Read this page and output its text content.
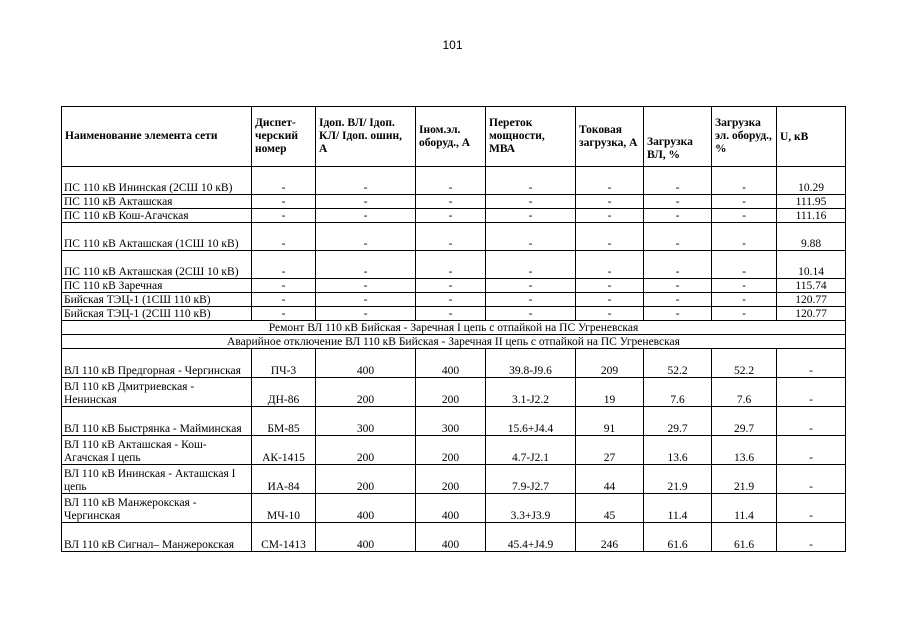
101
Наименование элемента сети	Диспет-черский номер	Iдоп. ВЛ/ Iдоп. КЛ/ Iдоп. ошин, А	Iном.эл. оборуд., А	Переток мощности, МВА	Токовая загрузка, А	Загрузка ВЛ, %	Загрузка эл. оборуд., %	U, кВ
ПС 110 кВ Ининская (2СШ 10 кВ)	-	-	-	-	-	-	-	10.29
ПС 110 кВ Акташская	-	-	-	-	-	-	-	111.95
ПС 110 кВ Кош-Агачская	-	-	-	-	-	-	-	111.16
ПС 110 кВ Акташская (1СШ 10 кВ)	-	-	-	-	-	-	-	9.88
ПС 110 кВ Акташская (2СШ 10 кВ)	-	-	-	-	-	-	-	10.14
ПС 110 кВ Заречная	-	-	-	-	-	-	-	115.74
Бийская ТЭЦ-1 (1СШ 110 кВ)	-	-	-	-	-	-	-	120.77
Бийская ТЭЦ-1 (2СШ 110 кВ)	-	-	-	-	-	-	-	120.77
Ремонт ВЛ 110 кВ Бийская - Заречная I цепь с отпайкой на ПС Угреневская								
Аварийное отключение ВЛ 110 кВ Бийская - Заречная II цепь с отпайкой на ПС Угреневская								
ВЛ 110 кВ Предгорная - Чергинская	ПЧ-3	400	400	39.8-J9.6	209	52.2	52.2	-
ВЛ 110 кВ Дмитриевская - Ненинская	ДН-86	200	200	3.1-J2.2	19	7.6	7.6	-
ВЛ 110 кВ Быстрянка - Майминская	БМ-85	300	300	15.6+J4.4	91	29.7	29.7	-
ВЛ 110 кВ Акташская - Кош-Агачская I цепь	АК-1415	200	200	4.7-J2.1	27	13.6	13.6	-
ВЛ 110 кВ Ининская - Акташская I цепь	ИА-84	200	200	7.9-J2.7	44	21.9	21.9	-
ВЛ 110 кВ Манжерокская - Чергинская	МЧ-10	400	400	3.3+J3.9	45	11.4	11.4	-
ВЛ 110 кВ Сигнал– Манжерокская	СМ-1413	400	400	45.4+J4.9	246	61.6	61.6	-
